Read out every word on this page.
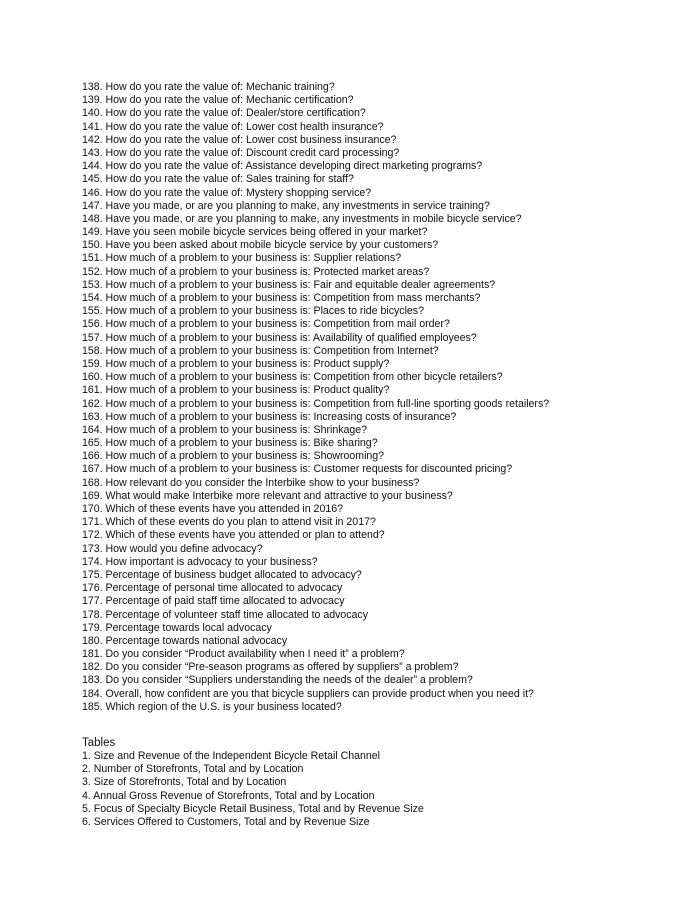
138. How do you rate the value of: Mechanic training?
139. How do you rate the value of: Mechanic certification?
140. How do you rate the value of: Dealer/store certification?
141. How do you rate the value of: Lower cost health insurance?
142. How do you rate the value of: Lower cost business insurance?
143. How do you rate the value of: Discount credit card processing?
144. How do you rate the value of: Assistance developing direct marketing programs?
145. How do you rate the value of: Sales training for staff?
146. How do you rate the value of: Mystery shopping service?
147. Have you made, or are you planning to make, any investments in service training?
148. Have you made, or are you planning to make, any investments in mobile bicycle service?
149. Have you seen mobile bicycle services being offered in your market?
150. Have you been asked about mobile bicycle service by your customers?
151. How much of a problem to your business is: Supplier relations?
152. How much of a problem to your business is: Protected market areas?
153. How much of a problem to your business is: Fair and equitable dealer agreements?
154. How much of a problem to your business is: Competition from mass merchants?
155. How much of a problem to your business is: Places to ride bicycles?
156. How much of a problem to your business is: Competition from mail order?
157. How much of a problem to your business is: Availability of qualified employees?
158. How much of a problem to your business is: Competition from Internet?
159. How much of a problem to your business is: Product supply?
160. How much of a problem to your business is: Competition from other bicycle retailers?
161. How much of a problem to your business is: Product quality?
162. How much of a problem to your business is: Competition from full-line sporting goods retailers?
163. How much of a problem to your business is: Increasing costs of insurance?
164. How much of a problem to your business is: Shrinkage?
165. How much of a problem to your business is: Bike sharing?
166. How much of a problem to your business is: Showrooming?
167. How much of a problem to your business is: Customer requests for discounted pricing?
168. How relevant do you consider the Interbike show to your business?
169. What would make Interbike more relevant and attractive to your business?
170. Which of these events have you attended in 2016?
171. Which of these events do you plan to attend visit in 2017?
172. Which of these events have you attended or plan to attend?
173. How would you define advocacy?
174. How important is advocacy to your business?
175. Percentage of business budget allocated to advocacy?
176. Percentage of personal time allocated to advocacy
177. Percentage of paid staff time allocated to advocacy
178. Percentage of volunteer staff time allocated to advocacy
179. Percentage towards local advocacy
180. Percentage towards national advocacy
181. Do you consider “Product availability when I need it” a problem?
182. Do you consider “Pre-season programs as offered by suppliers” a problem?
183. Do you consider “Suppliers understanding the needs of the dealer” a problem?
184. Overall, how confident are you that bicycle suppliers can provide product when you need it?
185. Which region of the U.S. is your business located?
Tables
1. Size and Revenue of the Independent Bicycle Retail Channel
2. Number of Storefronts, Total and by Location
3. Size of Storefronts, Total and by Location
4. Annual Gross Revenue of Storefronts, Total and by Location
5. Focus of Specialty Bicycle Retail Business, Total and by Revenue Size
6. Services Offered to Customers, Total and by Revenue Size
